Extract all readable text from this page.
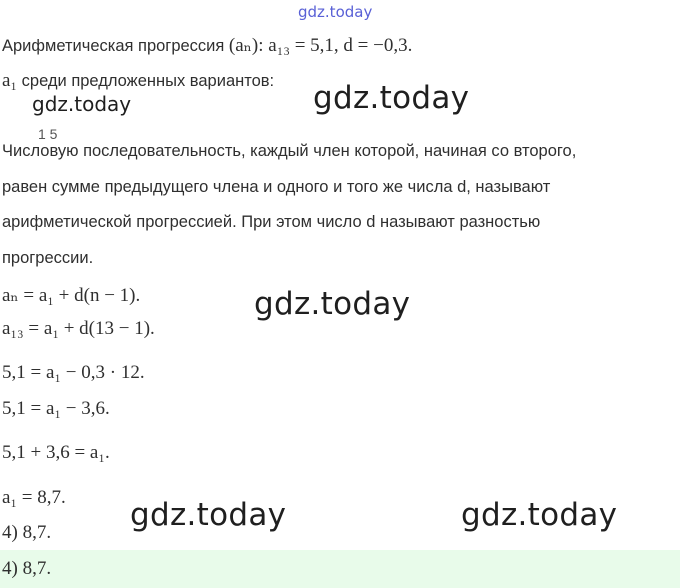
gdz.today
Арифметическая прогрессия (aₙ): a₁₃ = 5,1, d = −0,3.
a₁ среди предложенных вариантов:
gdz.today	gdz.today
1 5
Числовую последовательность, каждый член которой, начиная со второго,
равен сумме предыдущего члена и одного и того же числа d, называют
арифметической прогрессией. При этом число d называют разностью
прогрессии.
aₙ = a₁ + d(n − 1).
a₁₃ = a₁ + d(13 − 1).
gdz.today
5,1 = a₁ − 0,3 · 12.
5,1 = a₁ − 3,6.
5,1 + 3,6 = a₁.
a₁ = 8,7.
4) 8,7.	gdz.today	gdz.today
4) 8,7.
